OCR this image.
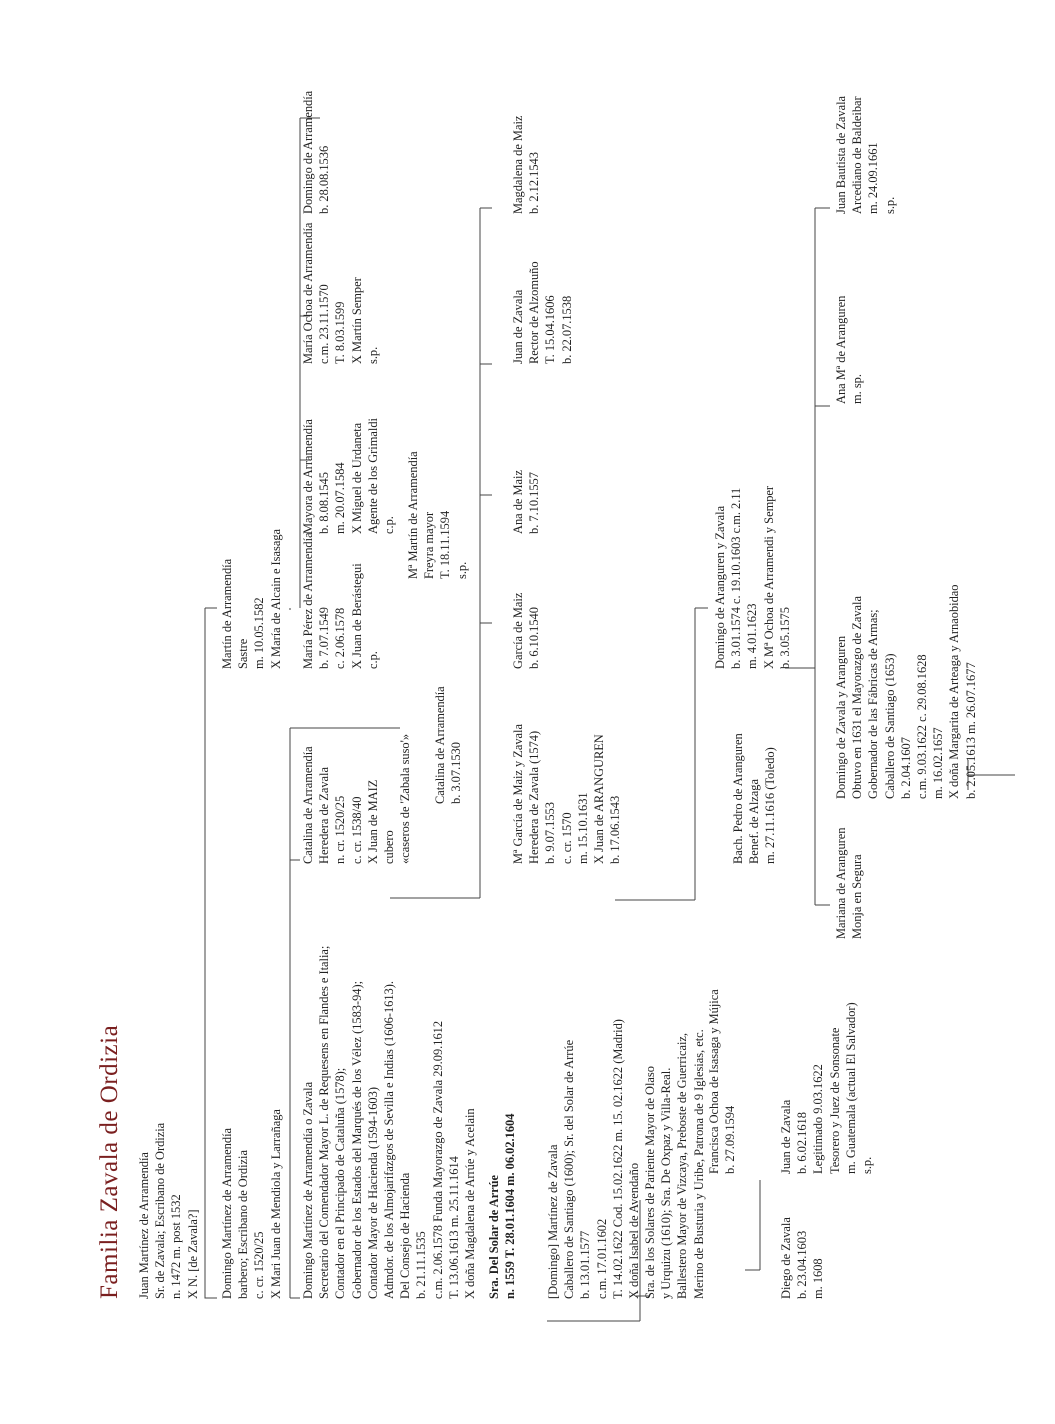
Familia Zavala de Ordizia Juan Martínez de Arramendía Sr. de Zavala; Escribano de Ordizia n. 1472 m. post 1532 X N. [de Zavala?] Domingo Martínez de Arramendía barbero; Escribano de Ordizia c. cr. 1520/25 X Mari Juan de Mendiola y Larrañaga
Martín de Arramendía Sastre m. 10.05.1582 X María de Alcain e Isasaga
Domingo Martínez de Arramendía o Zavala Secretario del Comendador Mayor L. de Requesens en Flandes e Italia; Contador en el Principado de Cataluña (1578); Gobernador de los Estados del Marqués de los Vélez (1583-94); Contador Mayor de Hacienda (1594-1603) Admdor. de los Almojarifazgos de Sevilla e Indias (1606-1613). Del Consejo de Hacienda b. 21.11.1535 c.m. 2.06.1578 Funda Mayorazgo de Zavala 29.09.1612 T. 13.06.1613 m. 25.11.1614 X doña Magdalena de Arrúe y Acelain
Catalina de Arramendía Heredera de Zavala n. cr. 1520/25 c. cr. 1538/40 X Juan de MAIZ cubero «caseros de 'Zabala suso'»
María Pérez de Arramendía b. 7.07.1549 c. 2.06.1578 X Juan de Berástegui c.p.
Mayora de Arramendía b. 8.08.1545 m. 20.07.1584 X Miguel de Urdaneta Agente de los Grimaldi c.p.
María Ochoa de Arramendía c.m. 23.11.1570 T. 8.03.1599 X Martín Semper s.p.
Domingo de Arramendía b. 28.08.1536
Mª Martín de Arramendía Freyra mayor T. 18.11.1594 s.p.
Catalina de Arramendía b. 3.07.1530
Sra. Del Solar de Arrúe n. 1559 T. 28.01.1604 m. 06.02.1604 [Domingo] Martínez de Zavala Caballero de Santiago (1600); Sr. del Solar de Arrúe b. 13.01.1577 c.m. 17.01.1602 T. 14.02.1622 Cod. 15.02.1622 m. 15. 02.1622 (Madrid) X doña Isabel de Avendaño Sra. de los Solares de Pariente Mayor de Olaso y Urquizu (1610); Sra. De Oxpaz y Villa-Real. Ballestero Mayor de Vizcaya, Preboste de Guerricaiz, Merino de Busturia y Uribe, Patrona de 9 Iglesias, etc. Francisca Ochoa de Isasaga y Mújica b. 27.09.1594
Diego de Zavala b. 23.04.1603 m. 1608
Juan de Zavala b. 6.02.1618 Legitimado 9.03.1622 Tesorero y Juez de Sonsonate m. Guatemala (actual El Salvador) s.p.
Mª García de Maiz y Zavala Heredera de Zavala (1574) b. 9.07.1553 c. cr. 1570 m. 15.10.1631 X Juan de ARANGUREN b. 17.06.1543
García de Maiz b. 6.10.1540
Ana de Maiz b. 7.10.1557
Juan de Zavala Rector de Alzomuño T. 15.04.1606 b. 22.07.1538
Magdalena de Maiz b. 2.12.1543
Bach. Pedro de Aranguren Benef. de Alzaga m. 27.11.1616 (Toledo)
Domingo de Aranguren y Zavala b. 3.01.1574 c. 19.10.1603 c.m. 2.11 m. 4.01.1623 X Mª Ochoa de Arramendi y Semper b. 3.05.1575
Mariana de Aranguren Monja en Segura
Domingo de Zavala y Aranguren Obtuvo en 1631 el Mayorazgo de Zavala Gobernador de las Fábricas de Armas; Caballero de Santiago (1653) b. 2.04.1607 c.m. 9.03.1622 c. 29.08.1628 m. 16.02.1657 X doña Margarita de Arteaga y Arnaobidao b. 2.05.1613 m. 26.07.1677
Ana Mª de Aranguren m. sp.
Juan Bautista de Zavala Arcediano de Baldeibar m. 24.09.1661 s.p.
